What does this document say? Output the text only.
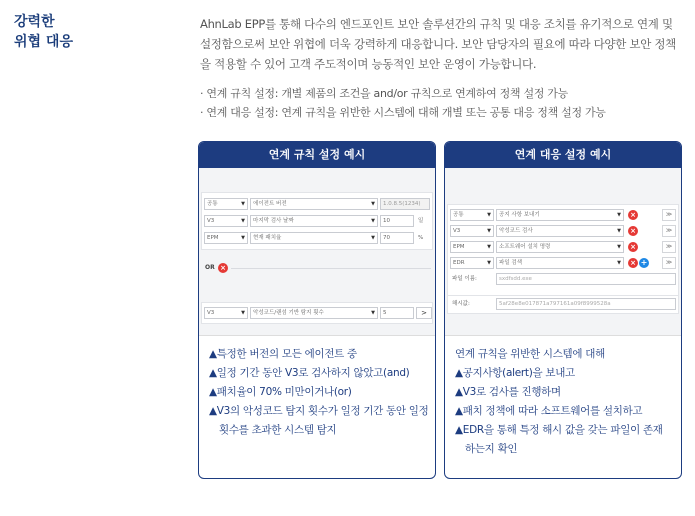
강력한
위협 대응

AhnLab EPP를 통해 다수의 엔드포인트 보안 솔루션간의 규칙 및 대응 조치를 유기적으로 연계 및 설정함으로써 보안 위협에 더욱 강력하게 대응합니다. 보안 담당자의 필요에 따라 다양한 보안 정책을 적용할 수 있어 고객 주도적이며 능동적인 보안 운영이 가능합니다.

· 연계 규칙 설정: 개별 제품의 조건을 and/or 규칙으로 연계하여 정책 설정 가능
· 연계 대응 설정: 연계 규칙을 위반한 시스템에 대해 개별 또는 공통 대응 정책 설정 가능
연계 규칙 설정 예시
공통	▼	에이전트 버전	▼	1.0.8.5(1234)
V3	▼	마지막 검사 날짜	▼	10	일
EPM	▼	현재 패치율	▼	70	%
OR ×
V3	▼	악성코드/랜섬 기반 탐지 횟수	▼	5	>
▲특정한 버전의 모든 에이전트 중
▲일정 기간 동안 V3로 검사하지 않았고(and)
▲패치율이 70% 미만이거나(or)
▲V3의 악성코드 탐지 횟수가 일정 기간 동안 일정
횟수를 초과한 시스템 탐지
연계 대응 설정 예시
공통	▼	공지 사항 보내기	▼ ×	≫
V3	▼	악성코드 검사	▼ ×	≫
EPM	▼	소프트웨어 설치 명령	▼ ×	≫
EDR	▼	파일 검색	▼ × +	≫
파일 이름:	sxdfsdd.exe
해시값:	5af28e8e017871a797161a09f8999528a
연계 규칙을 위반한 시스템에 대해
▲공지사항(alert)을 보내고
▲V3로 검사를 진행하며
▲패치 정책에 따라 소프트웨어를 설치하고
▲EDR을 통해 특정 해시 값을 갖는 파일이 존재
하는지 확인
